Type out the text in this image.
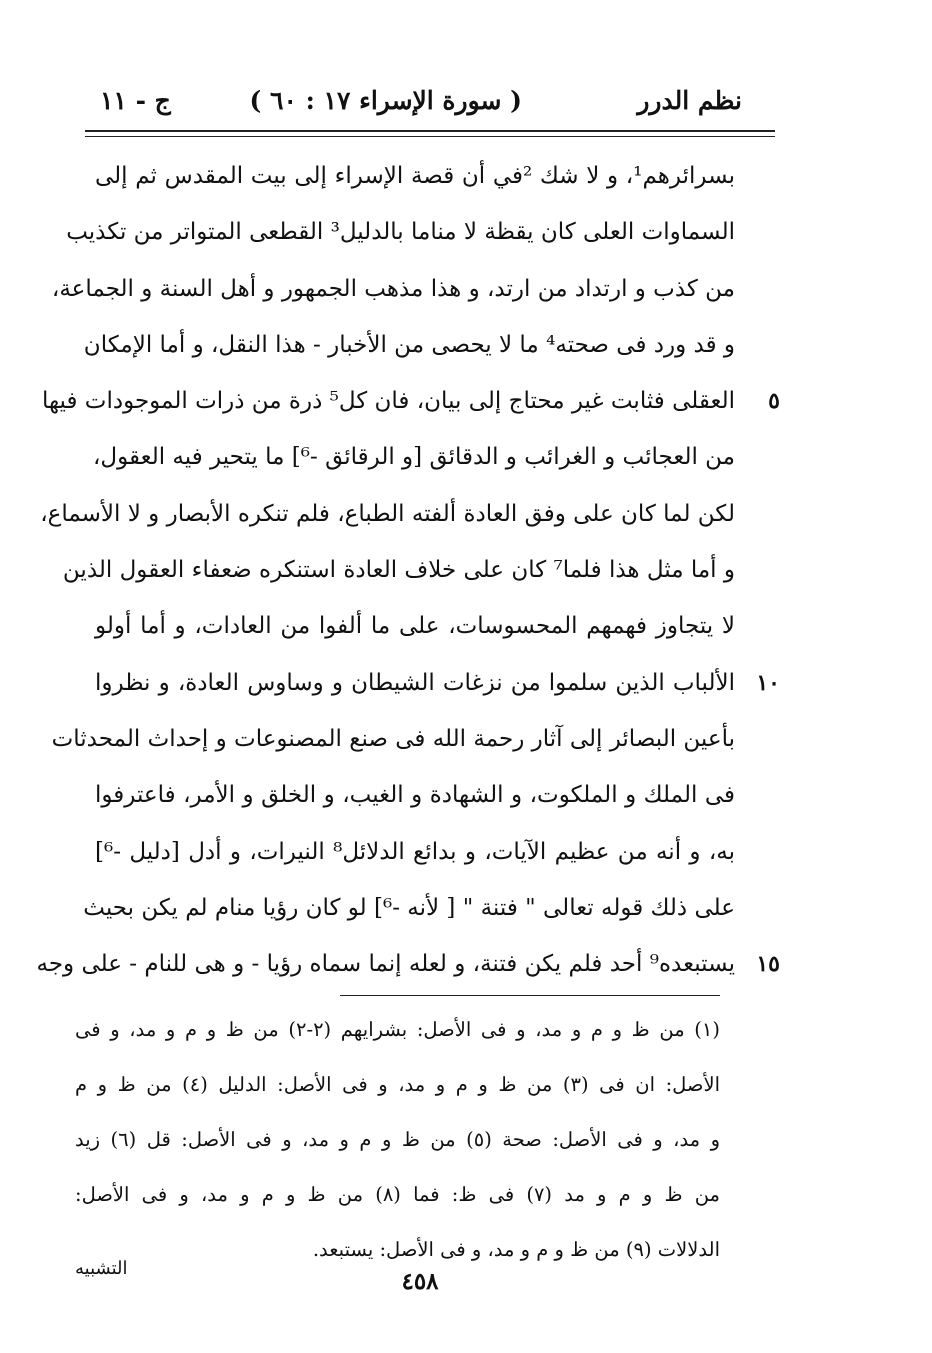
نظم الدرر
( سورة الإسراء ١٧ : ٦٠ )
ج - ١١
بسرائرهم¹، و لا شك ²في أن قصة الإسراء إلى بيت المقدس ثم إلى
السماوات العلى كان يقظة لا مناما بالدليل³ القطعى المتواتر من تكذيب
من كذب و ارتداد من ارتد، و هذا مذهب الجمهور و أهل السنة و الجماعة،
و قد ورد فى صحته⁴ ما لا يحصى من الأخبار - هذا النقل، و أما الإمكان
العقلى فثابت غير محتاج إلى بيان، فان كل⁵ ذرة من ذرات الموجودات فيها	٥
من العجائب و الغرائب و الدقائق [و الرقائق -⁶] ما يتحير فيه العقول،
لكن لما كان على وفق العادة ألفته الطباع، فلم تنكره الأبصار و لا الأسماع،
و أما مثل هذا فلما⁷ كان على خلاف العادة استنكره ضعفاء العقول الذين
لا يتجاوز فهمهم المحسوسات، على ما ألفوا من العادات، و أما أولو
الألباب الذين سلموا من نزغات الشيطان و وساوس العادة، و نظروا ١٠
بأعين البصائر إلى آثار رحمة الله فى صنع المصنوعات و إحداث المحدثات
فى الملك و الملكوت، و الشهادة و الغيب، و الخلق و الأمر، فاعترفوا
به، و أنه من عظيم الآيات، و بدائع الدلائل⁸ النيرات، و أدل [دليل -⁶]
على ذلك قوله تعالى " فتنة " [ لأنه -⁶] لو كان رؤيا منام لم يكن بحيث
يستبعده⁹ أحد فلم يكن فتنة، و لعله إنما سماه رؤيا - و هى للنام - على وجه ١٥
(١) من ظ و م و مد، و فى الأصل: بشرايهم (٢-٢) من ظ و م و مد، و فى
الأصل: ان فى (٣) من ظ و م و مد، و فى الأصل: الدليل (٤) من ظ و م
و مد، و فى الأصل: صحة (٥) من ظ و م و مد، و فى الأصل: قل (٦) زيد
من ظ و م و مد (٧) فى ظ: فما (٨) من ظ و م و مد، و فى الأصل:
الدلالات (٩) من ظ و م و مد، و فى الأصل: يستبعد.
التشبيه	٤٥٨
